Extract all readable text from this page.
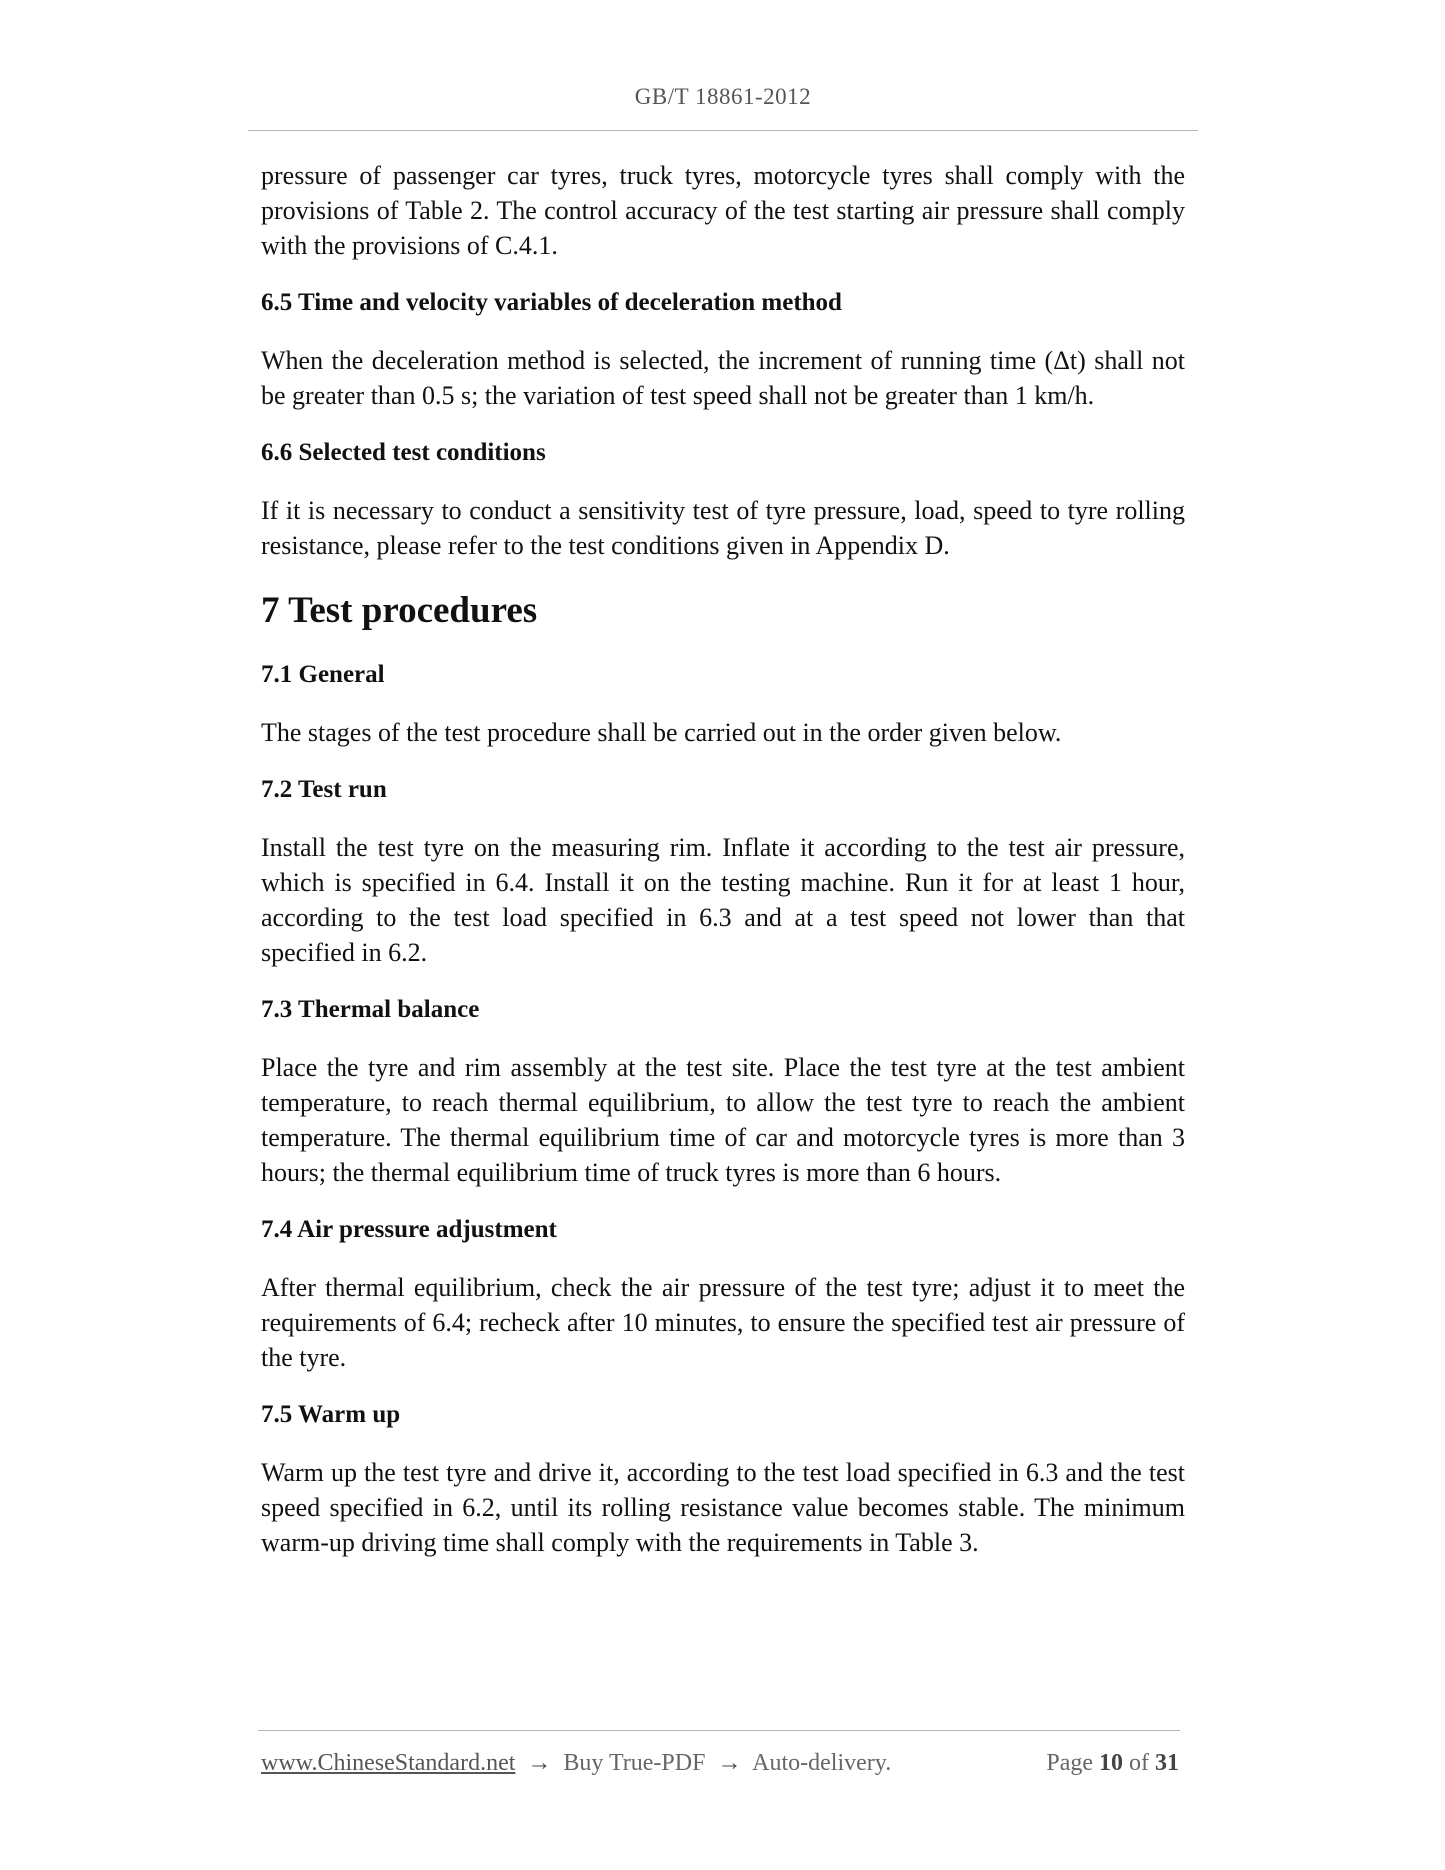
GB/T 18861-2012

pressure of passenger car tyres, truck tyres, motorcycle tyres shall comply with the provisions of Table 2. The control accuracy of the test starting air pressure shall comply with the provisions of C.4.1.

6.5 Time and velocity variables of deceleration method

When the deceleration method is selected, the increment of running time (Δt) shall not be greater than 0.5 s; the variation of test speed shall not be greater than 1 km/h.

6.6 Selected test conditions

If it is necessary to conduct a sensitivity test of tyre pressure, load, speed to tyre rolling resistance, please refer to the test conditions given in Appendix D.

7 Test procedures
7.1 General

The stages of the test procedure shall be carried out in the order given below.

7.2 Test run

Install the test tyre on the measuring rim. Inflate it according to the test air pressure, which is specified in 6.4. Install it on the testing machine. Run it for at least 1 hour, according to the test load specified in 6.3 and at a test speed not lower than that specified in 6.2.

7.3 Thermal balance

Place the tyre and rim assembly at the test site. Place the test tyre at the test ambient temperature, to reach thermal equilibrium, to allow the test tyre to reach the ambient temperature. The thermal equilibrium time of car and motorcycle tyres is more than 3 hours; the thermal equilibrium time of truck tyres is more than 6 hours.

7.4 Air pressure adjustment

After thermal equilibrium, check the air pressure of the test tyre; adjust it to meet the requirements of 6.4; recheck after 10 minutes, to ensure the specified test air pressure of the tyre.

7.5 Warm up

Warm up the test tyre and drive it, according to the test load specified in 6.3 and the test speed specified in 6.2, until its rolling resistance value becomes stable. The minimum warm-up driving time shall comply with the requirements in Table 3.

www.ChineseStandard.net → Buy True-PDF → Auto-delivery.	Page 10 of 31
